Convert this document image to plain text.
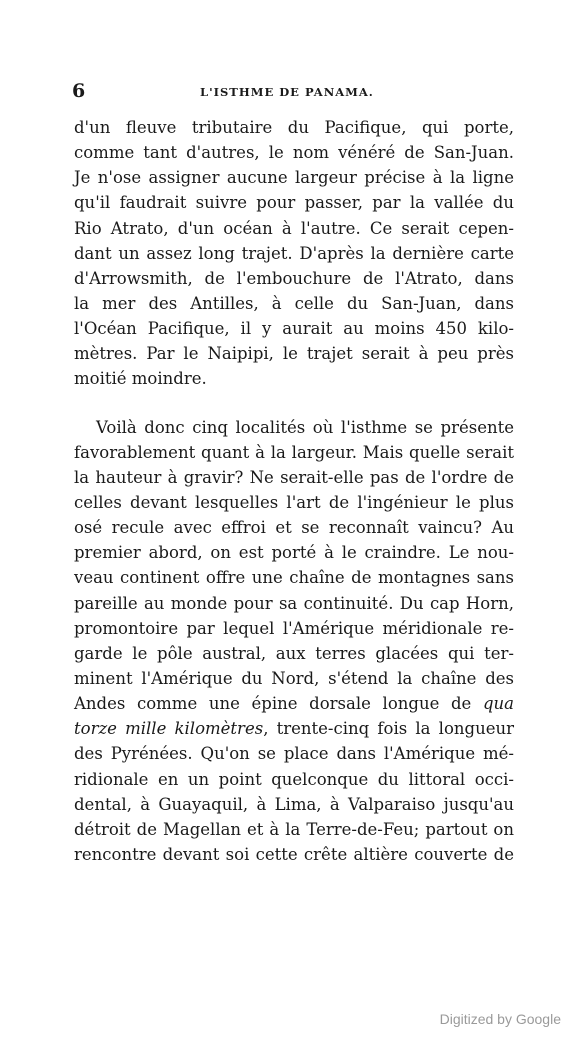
6	L'ISTHME DE PANAMA.
d'un fleuve tributaire du Pacifique, qui porte,
comme tant d'autres, le nom vénéré de San-Juan.
Je n'ose assigner aucune largeur précise à la ligne
qu'il faudrait suivre pour passer, par la vallée du
Rio Atrato, d'un océan à l'autre. Ce serait cepen-
dant un assez long trajet. D'après la dernière carte
d'Arrowsmith, de l'embouchure de l'Atrato, dans
la mer des Antilles, à celle du San-Juan, dans
l'Océan Pacifique, il y aurait au moins 450 kilo-
mètres. Par le Naipipi, le trajet serait à peu près
moitié moindre.
Voilà donc cinq localités où l'isthme se présente
favorablement quant à la largeur. Mais quelle serait
la hauteur à gravir? Ne serait-elle pas de l'ordre de
celles devant lesquelles l'art de l'ingénieur le plus
osé recule avec effroi et se reconnaît vaincu? Au
premier abord, on est porté à le craindre. Le nou-
veau continent offre une chaîne de montagnes sans
pareille au monde pour sa continuité. Du cap Horn,
promontoire par lequel l'Amérique méridionale re-
garde le pôle austral, aux terres glacées qui ter-
minent l'Amérique du Nord, s'étend la chaîne des
Andes comme une épine dorsale longue de qua
torze mille kilomètres, trente-cinq fois la longueur
des Pyrénées. Qu'on se place dans l'Amérique mé-
ridionale en un point quelconque du littoral occi-
dental, à Guayaquil, à Lima, à Valparaiso jusqu'au
détroit de Magellan et à la Terre-de-Feu; partout on
rencontre devant soi cette crête altière couverte de
Digitized by Google
